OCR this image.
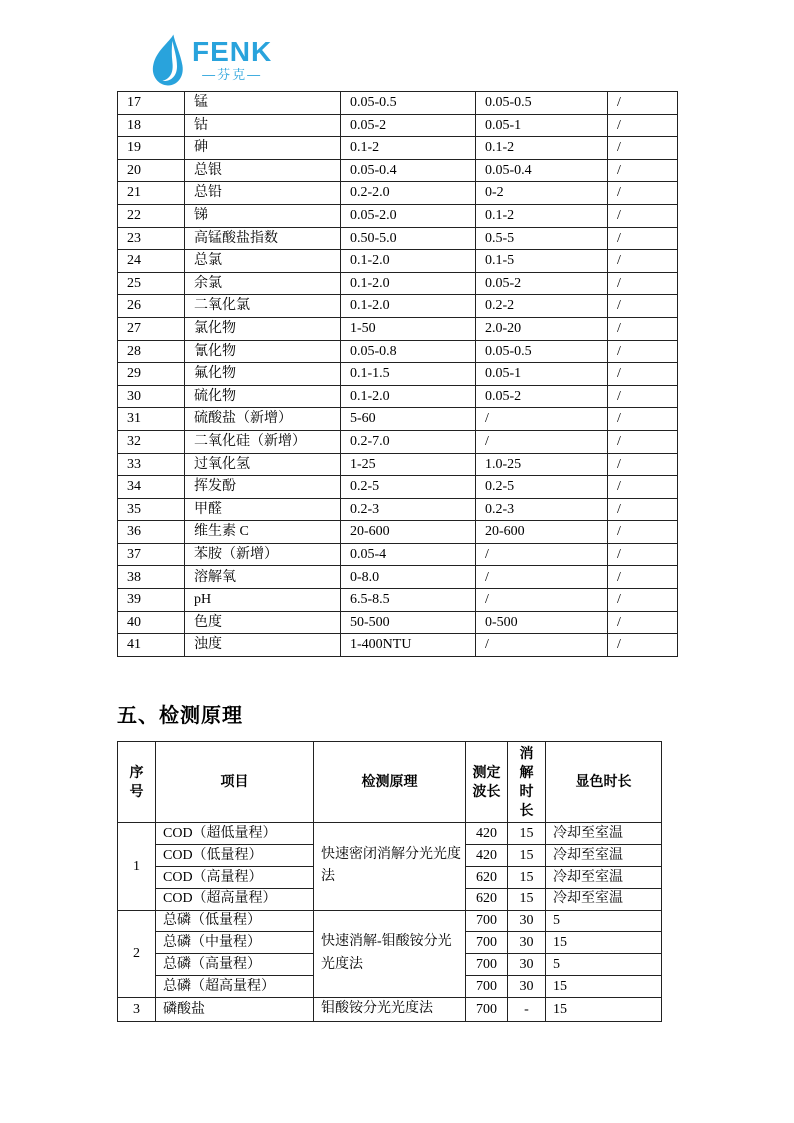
FENK
—芬克—
17	锰	0.05-0.5	0.05-0.5	/
18	钴	0.05-2	0.05-1	/
19	砷	0.1-2	0.1-2	/
20	总银	0.05-0.4	0.05-0.4	/
21	总铅	0.2-2.0	0-2	/
22	锑	0.05-2.0	0.1-2	/
23	高锰酸盐指数	0.50-5.0	0.5-5	/
24	总氯	0.1-2.0	0.1-5	/
25	余氯	0.1-2.0	0.05-2	/
26	二氧化氯	0.1-2.0	0.2-2	/
27	氯化物	1-50	2.0-20	/
28	氰化物	0.05-0.8	0.05-0.5	/
29	氟化物	0.1-1.5	0.05-1	/
30	硫化物	0.1-2.0	0.05-2	/
31	硫酸盐（新增）	5-60	/	/
32	二氧化硅（新增）	0.2-7.0	/	/
33	过氧化氢	1-25	1.0-25	/
34	挥发酚	0.2-5	0.2-5	/
35	甲醛	0.2-3	0.2-3	/
36	维生素 C	20-600	20-600	/
37	苯胺（新增）	0.05-4	/	/
38	溶解氧	0-8.0	/	/
39	pH	6.5-8.5	/	/
40	色度	50-500	0-500	/
41	浊度	1-400NTU	/	/
五、检测原理
序号	项目	检测原理	测定波长	消解时长	显色时长
1	COD（超低量程）	快速密闭消解分光光度法	420	15	冷却至室温
	COD（低量程）		420	15	冷却至室温
	COD（高量程）		620	15	冷却至室温
	COD（超高量程）		620	15	冷却至室温
2	总磷（低量程）	快速消解-钼酸铵分光光度法	700	30	5
	总磷（中量程）		700	30	15
	总磷（高量程）		700	30	5
	总磷（超高量程）		700	30	15
3	磷酸盐	钼酸铵分光光度法	700	-	15
